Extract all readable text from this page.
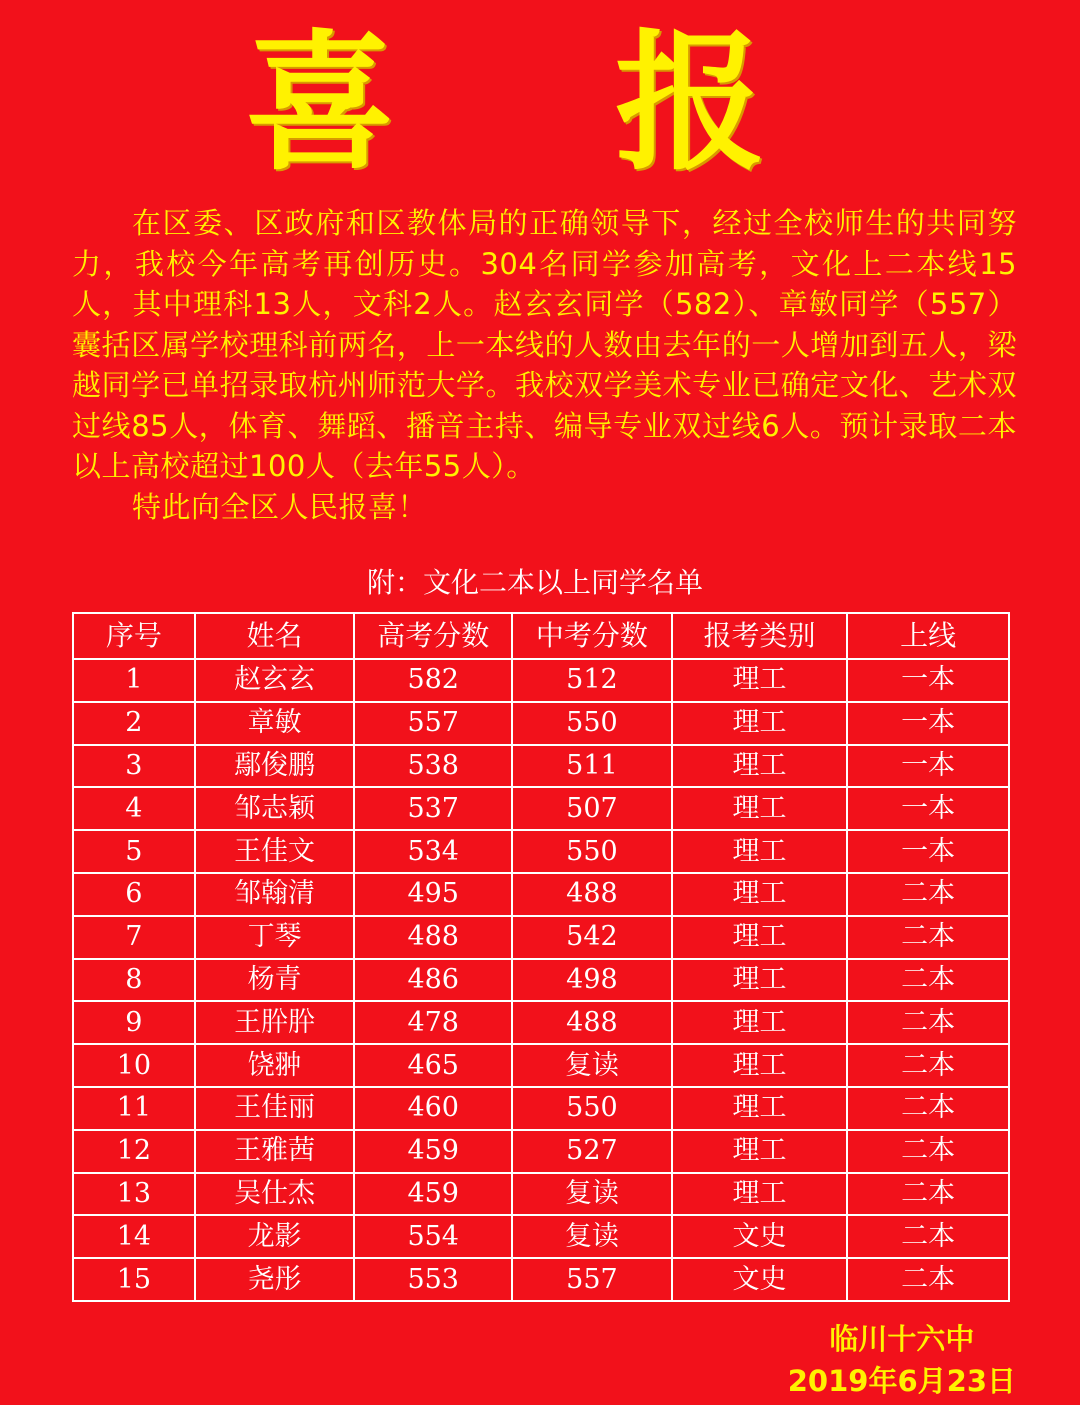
喜 报

在区委、区政府和区教体局的正确领导下，经过全校师生的共同努力，我校今年高考再创历史。304名同学参加高考，文化上二本线15人，其中理科13人，文科2人。赵玄玄同学（582）、章敏同学（557）囊括区属学校理科前两名，上一本线的人数由去年的一人增加到五人，梁越同学已单招录取杭州师范大学。我校双学美术专业已确定文化、艺术双过线85人，体育、舞蹈、播音主持、编导专业双过线6人。预计录取二本以上高校超过100人（去年55人）。

特此向全区人民报喜！

附：文化二本以上同学名单
序号	姓名	高考分数	中考分数	报考类别	上线
1	赵玄玄	582	512	理工	一本
2	章敏	557	550	理工	一本
3	鄢俊鹏	538	511	理工	一本
4	邹志颖	537	507	理工	一本
5	王佳文	534	550	理工	一本
6	邹翰清	495	488	理工	二本
7	丁琴	488	542	理工	二本
8	杨青	486	498	理工	二本
9	王肸肸	478	488	理工	二本
10	饶翀	465	复读	理工	二本
11	王佳丽	460	550	理工	二本
12	王雅茜	459	527	理工	二本
13	吴仕杰	459	复读	理工	二本
14	龙影	554	复读	文史	二本
15	尧彤	553	557	文史	二本
临川十六中
2019年6月23日
